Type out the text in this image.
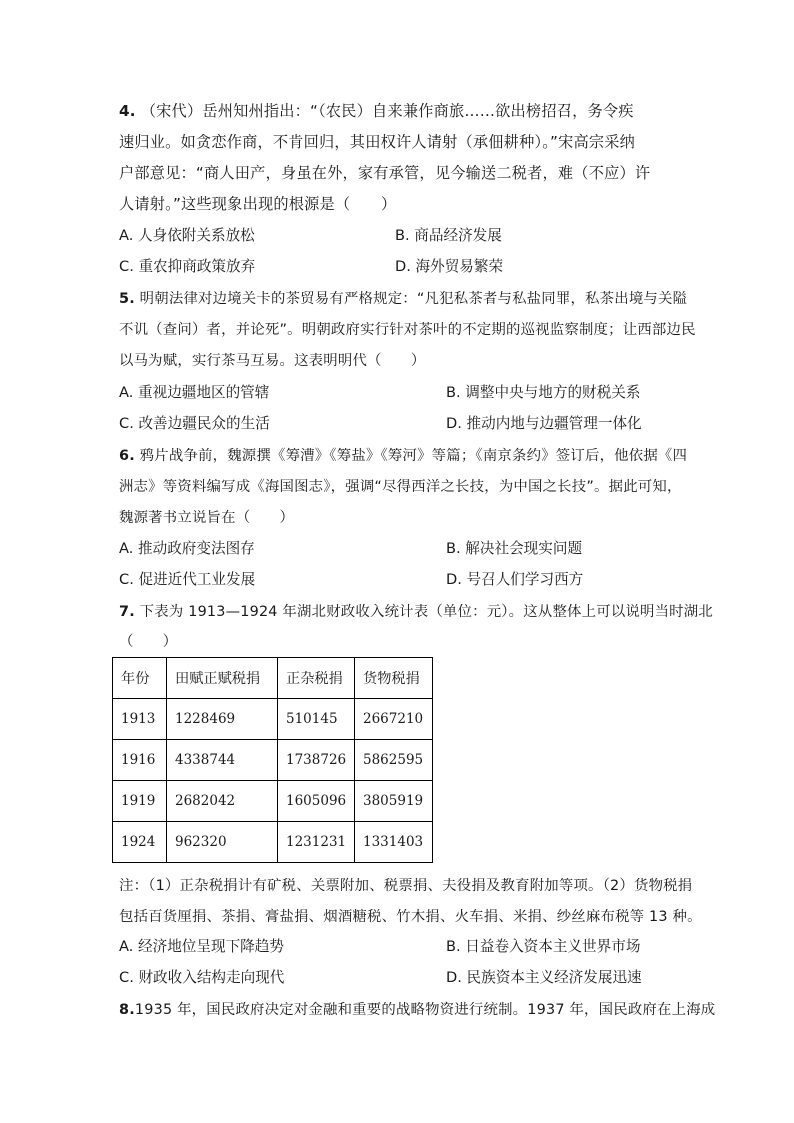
4. （宋代）岳州知州指出：“（农民）自来兼作商旅……欲出榜招召，务令疾
速归业。如贪恋作商，不肯回归，其田权许人请射（承佃耕种）。”宋高宗采纳
户部意见：“商人田产，身虽在外，家有承管，见今输送二税者，难（不应）许
人请射。”这些现象出现的根源是（　　）
A. 人身依附关系放松	B. 商品经济发展
C. 重农抑商政策放弃	D. 海外贸易繁荣
5. 明朝法律对边境关卡的茶贸易有严格规定：“凡犯私茶者与私盐同罪，私茶出境与关隘
不讥（查问）者，并论死”。明朝政府实行针对茶叶的不定期的巡视监察制度；让西部边民
以马为赋，实行茶马互易。这表明明代（　　）
A. 重视边疆地区的管辖	B. 调整中央与地方的财税关系
C. 改善边疆民众的生活	D. 推动内地与边疆管理一体化
6. 鸦片战争前，魏源撰《筹漕》《筹盐》《筹河》等篇；《南京条约》签订后，他依据《四
洲志》等资料编写成《海国图志》，强调“尽得西洋之长技，为中国之长技”。据此可知，
魏源著书立说旨在（　　）
A. 推动政府变法图存	B. 解决社会现实问题
C. 促进近代工业发展	D. 号召人们学习西方
7. 下表为 1913—1924 年湖北财政收入统计表（单位：元）。这从整体上可以说明当时湖北
（　　）
年份	田赋正赋税捐	正杂税捐	货物税捐
1913	1228469	510145	2667210
1916	4338744	1738726	5862595
1919	2682042	1605096	3805919
1924	962320	1231231	1331403
注：（1）正杂税捐计有矿税、关票附加、税票捐、夫役捐及教育附加等项。（2）货物税捐
包括百货厘捐、茶捐、膏盐捐、烟酒糖税、竹木捐、火车捐、米捐、纱丝麻布税等 13 种。
A. 经济地位呈现下降趋势	B. 日益卷入资本主义世界市场
C. 财政收入结构走向现代	D. 民族资本主义经济发展迅速
8.1935 年，国民政府决定对金融和重要的战略物资进行统制。1937 年，国民政府在上海成
